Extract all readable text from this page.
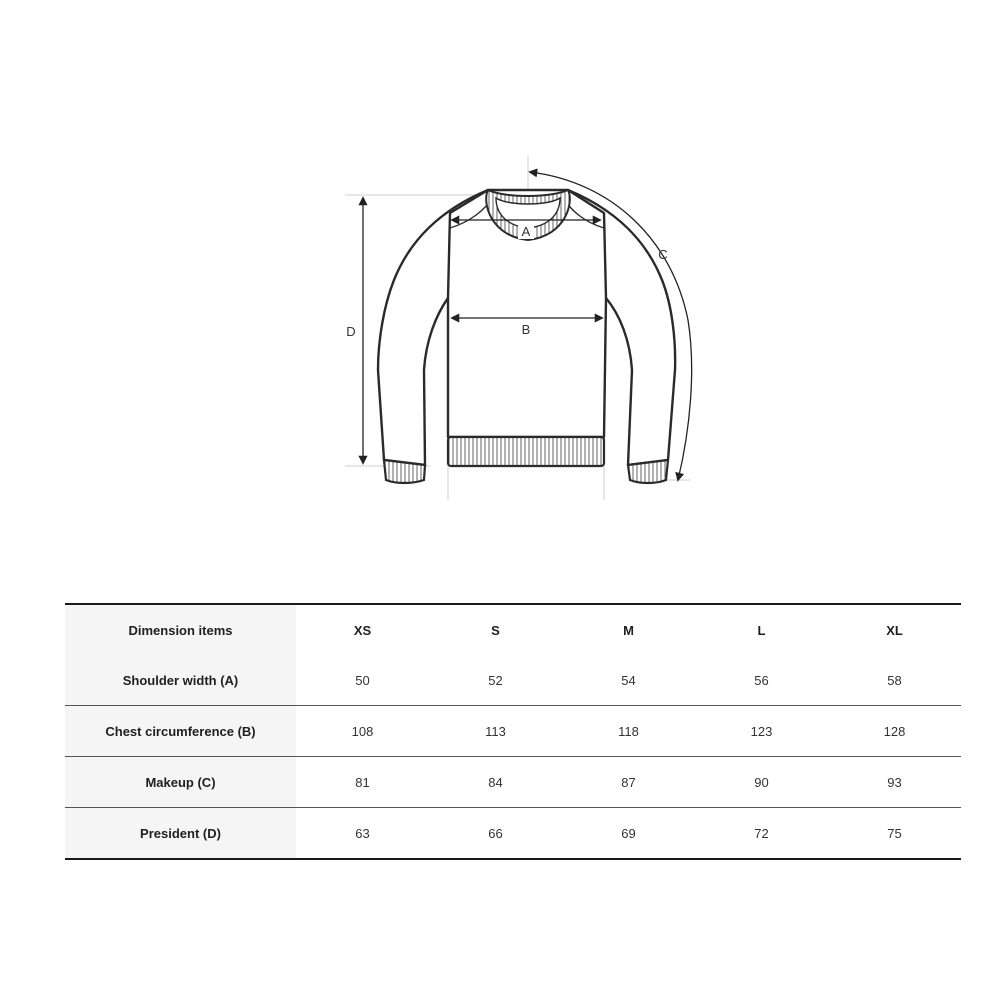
A
B
C
D
Dimension items	XS	S	M	L	XL
Shoulder width (A)	50	52	54	56	58
Chest circumference (B)	108	113	118	123	128
Makeup (C)	81	84	87	90	93
President (D)	63	66	69	72	75
